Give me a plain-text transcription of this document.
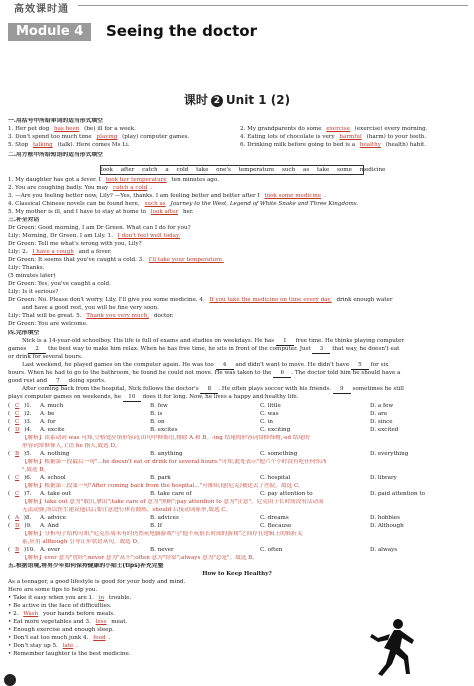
高效课时通
Module 4	Seeing the doctor
课时 2 Unit 1 (2)
一.用括号中所给单词的适当形式填空
1. Her pet dog has been (be) ill for a week.	2. My grandparents do some exercise (exercise) every morning.
3. Don't spend too much time playing (play) computer games.	4. Eating lots of chocolate is very harmful (harm) to your teeth.
5. Stop talking (talk). Here comes Ms Li.	6. Drinking milk before going to bed is a healthy (health) habit.
二.用方框中所给短语的适当形式填空
look after catch a cold take one's temperature such as take some medicine
1. My daughter has got a fever. I took her temperature ten minutes ago.
2. You are coughing badly. You may catch a cold .
3. —Are you feeling better now, Lily? —Yes, thanks. I am feeling better and better after I took some medicine .
4. Classical Chinese novels can be found here, such as Journey to the West, Legend of White Snake and Three Kingdoms.
5. My mother is ill, and I have to stay at home to look after her.
三.补全对话
Dr Green: Good morning, I am Dr Green. What can I do for you?
Lily: Morning, Dr Green. I am Lily. 1. I don't feel well today.
Dr Green: Tell me what's wrong with you, Lily?
Lily: 2. I have a cough and a fever.
Dr Green: It seems that you've caught a cold. 3. I'll take your temperature.
Lily: Thanks.
(5 minutes later)
Dr Green: Yes, you've caught a cold.
Lily: Is it serious?
Dr Green: No. Please don't worry, Lily. I'll give you some medicine. 4. If you take the medicine on time every day, drink enough water
and have a good rest, you will be fine very soon.
Lily: That will be great. 5. Thank you very much, doctor.
Dr Green: You are welcome.
四.完形填空
Nick is a 14-year-old schoolboy. His life is full of exams and studies on weekdays. He has 1 free time. He thinks playing computer
games 2 the best way to make him relax. When he has free time, he sits in front of the computer. Just 3 that way, he doesn't eat
or drink for several hours.
Last weekend, he played games on the computer again. He was too 4 and didn't want to move. He didn't have 5 for six
hours. When he had to go to the bathroom, he found he could not move. He was taken to the 6 . The doctor told him he should have a
good rest and 7 doing sports.
After coming back from the hospital, Nick follows the doctor's 8 . He often plays soccer with his friends. 9 sometimes he still
plays computer games on weekends, he 10 does it for long. Now, he lives a happy and healthy life.
( C )1. A. much	B. few	C. little	D. a few
( C )2. A. be	B. is	C. was	D. are
( C )3. A. for	B. on	C. in	D. since
( D )4. A. excite	B. excites	C. exciting	D. excited
【解析】由系动词 was 可知,空格处应填形容词,由句中修饰语,排除 A 和 B。-ing 结尾的形容词常修饰物,-ed 结尾的
形容词常修饰人,主语 he 指人,故选 D。
( B )5. A. nothing	B. anything	C. something	D. everything
【解析】根据第一段最后一句"...he doesn't eat or drink for several hours."可知,此处表示"他六个小时没有吃任何东西
",故选 B。
( C )6. A. school	B. park	C. hospital	D. library
【解析】根据第三段第一句"After coming back from the hospital..."可推知,他(尼克)被送去了医院。故选 C。
( C )7. A. take out	B. take care of	C. pay attention to	D. paid attention to
【解析】take out 意为"取出,拿出";take care of 意为"照顾";pay attention to 意为"注意"。尼克由于长时间没有活动而
无法动弹,所以医生建议他以后要注意进行体育锻炼。should 后接动词原形,故选 C。
( A )8. A. advice	B. advices	C. dreams	D. hobbies
( D )9. A. And	B. If	C. Because	D. Although
【解析】分析句子结构可知,"尼克在周末有时仍然玩电脑游戏"与"他不玩很长时间的游戏"之间存在逻辑上的转折关
系,应用 although 引导让步状语从句。故选 D。
( B )10. A. ever	B. never	C. often	D. always
【解析】ever 意为"曾经";never 意为"从不";often 意为"经常";always 意为"总是"。故选 B。
五.根据语境,将男少年如何保持健康的小贴士(tips)补充完整
How to Keep Healthy?
As a teenager, a good lifestyle is good for your body and mind.
Here are some tips to help you.
• Take it easy when you are 1. in trouble.
• Be active in the face of difficulties.
• 2. Wash your hands before meals.
• Eat more vegetables and 3. less meat.
• Enough exercise and enough sleep.
• Don't eat too much junk 4. food .
• Don't stay up 5. late .
• Remember laughter is the best medicine.
